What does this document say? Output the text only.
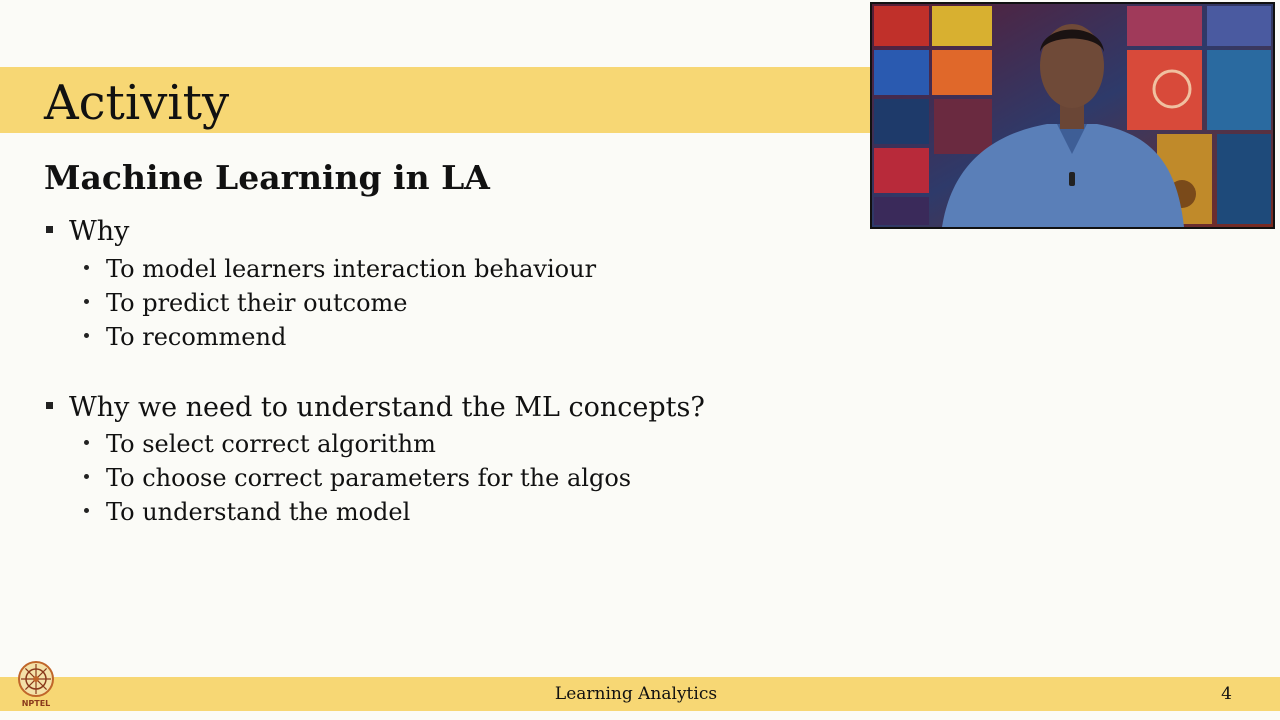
Activity
Machine Learning in LA
Why
To model learners interaction behaviour
To predict their outcome
To recommend
Why we need to understand the ML concepts?
To select correct algorithm
To choose correct parameters for the algos
To understand the model
Learning Analytics	4
NPTEL
